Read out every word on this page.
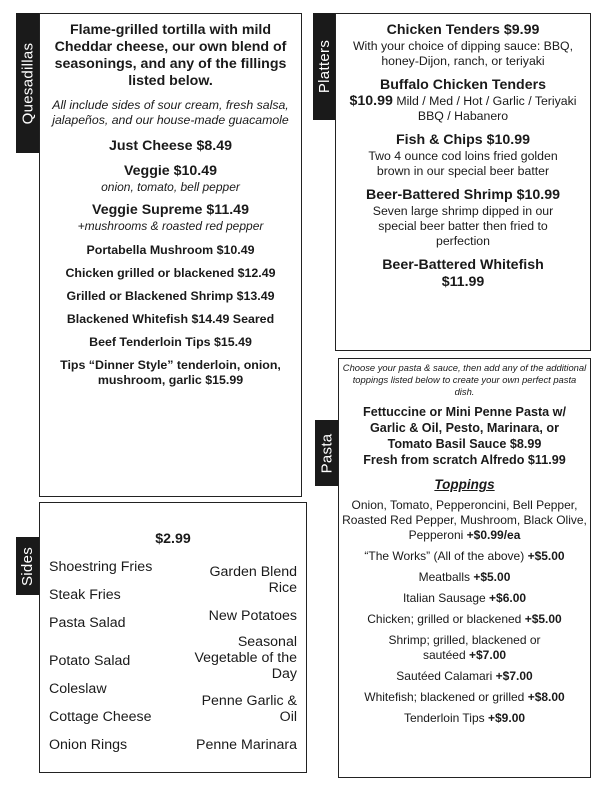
Quesadillas
Flame-grilled tortilla with mild Cheddar cheese, our own blend of seasonings, and any of the fillings listed below.
All include sides of sour cream, fresh salsa, jalapeños, and our house-made guacamole
Just Cheese $8.49
Veggie $10.49
onion, tomato, bell pepper
Veggie Supreme $11.49
+mushrooms & roasted red pepper
Portabella Mushroom $10.49
Chicken grilled or blackened $12.49
Grilled or Blackened Shrimp $13.49
Blackened Whitefish $14.49 Seared
Beef Tenderloin Tips $15.49
Tips “Dinner Style” tenderloin, onion, mushroom, garlic $15.99
Platters
Chicken Tenders $9.99
With your choice of dipping sauce: BBQ, honey-Dijon, ranch, or teriyaki
Buffalo Chicken Tenders
$10.99 Mild / Med / Hot / Garlic / Teriyaki BBQ / Habanero
Fish & Chips $10.99
Two 4 ounce cod loins fried golden brown in our special beer batter
Beer-Battered Shrimp $10.99
Seven large shrimp dipped in our special beer batter then fried to perfection
Beer-Battered Whitefish $11.99
Pasta
Choose your pasta & sauce, then add any of the additional toppings listed below to create your own perfect pasta dish.
Fettuccine or Mini Penne Pasta w/ Garlic & Oil, Pesto, Marinara, or Tomato Basil Sauce $8.99
Fresh from scratch Alfredo $11.99
Toppings
Onion, Tomato, Pepperoncini, Bell Pepper, Roasted Red Pepper, Mushroom, Black Olive, Pepperoni +$0.99/ea
“The Works” (All of the above) +$5.00
Meatballs +$5.00
Italian Sausage +$6.00
Chicken; grilled or blackened +$5.00
Shrimp; grilled, blackened or sautéed +$7.00
Sautéed Calamari +$7.00
Whitefish; blackened or grilled +$8.00
Tenderloin Tips +$9.00
Sides
$2.99
Shoestring Fries
Steak Fries
Pasta Salad
Potato Salad
Coleslaw
Cottage Cheese
Onion Rings
Garden Blend Rice
New Potatoes
Seasonal Vegetable of the Day
Penne Garlic & Oil
Penne Marinara
